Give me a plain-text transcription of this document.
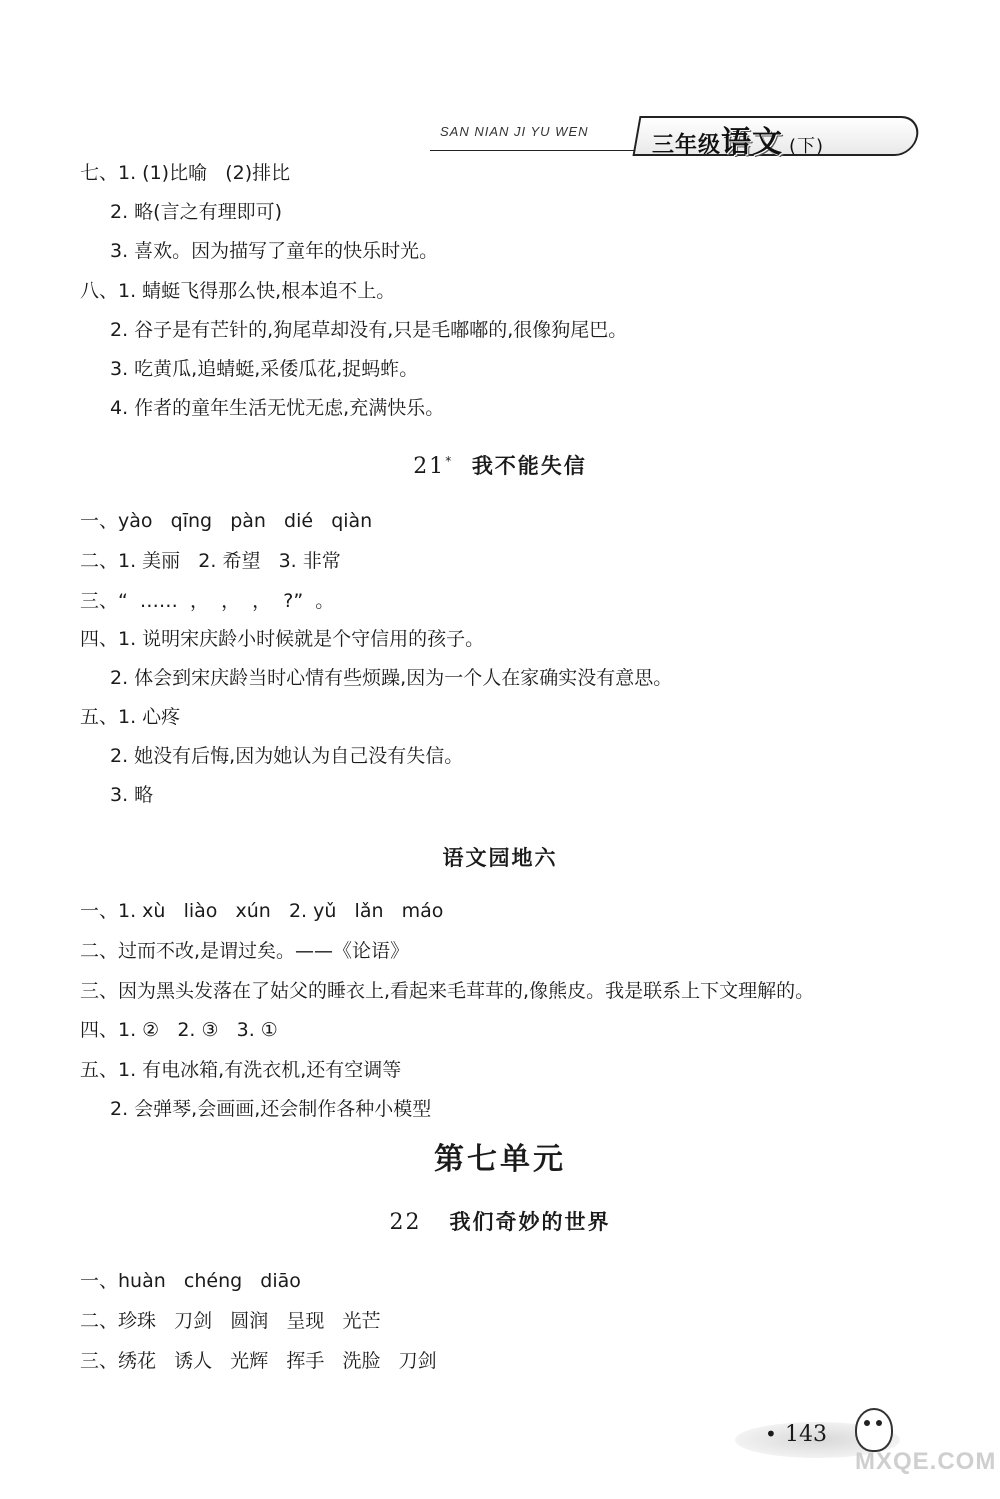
SAN NIAN JI YU WEN
三年级语文 (下)
七、1. (1)比喻   (2)排比
2. 略(言之有理即可)
3. 喜欢。因为描写了童年的快乐时光。
八、1. 蜻蜓飞得那么快,根本追不上。
2. 谷子是有芒针的,狗尾草却没有,只是毛嘟嘟的,很像狗尾巴。
3. 吃黄瓜,追蜻蜓,采倭瓜花,捉蚂蚱。
4. 作者的童年生活无忧无虑,充满快乐。
21* 我不能失信
一、yào   qīng   pàn   dié   qiàn
二、1. 美丽   2. 希望   3. 非常
三、“  ……  ，  ，  ，  ?”  。
四、1. 说明宋庆龄小时候就是个守信用的孩子。
2. 体会到宋庆龄当时心情有些烦躁,因为一个人在家确实没有意思。
五、1. 心疼
2. 她没有后悔,因为她认为自己没有失信。
3. 略
语文园地六
一、1. xù   liào   xún   2. yǔ   lǎn   máo
二、过而不改,是谓过矣。——《论语》
三、因为黑头发落在了姑父的睡衣上,看起来毛茸茸的,像熊皮。我是联系上下文理解的。
四、1. ②   2. ③   3. ①
五、1. 有电冰箱,有洗衣机,还有空调等
2. 会弹琴,会画画,还会制作各种小模型
第七单元
22 我们奇妙的世界
一、huàn   chéng   diāo
二、珍珠   刀剑   圆润   呈现   光芒
三、绣花   诱人   光辉   挥手   洗脸   刀剑
• 143
MXQE.COM
